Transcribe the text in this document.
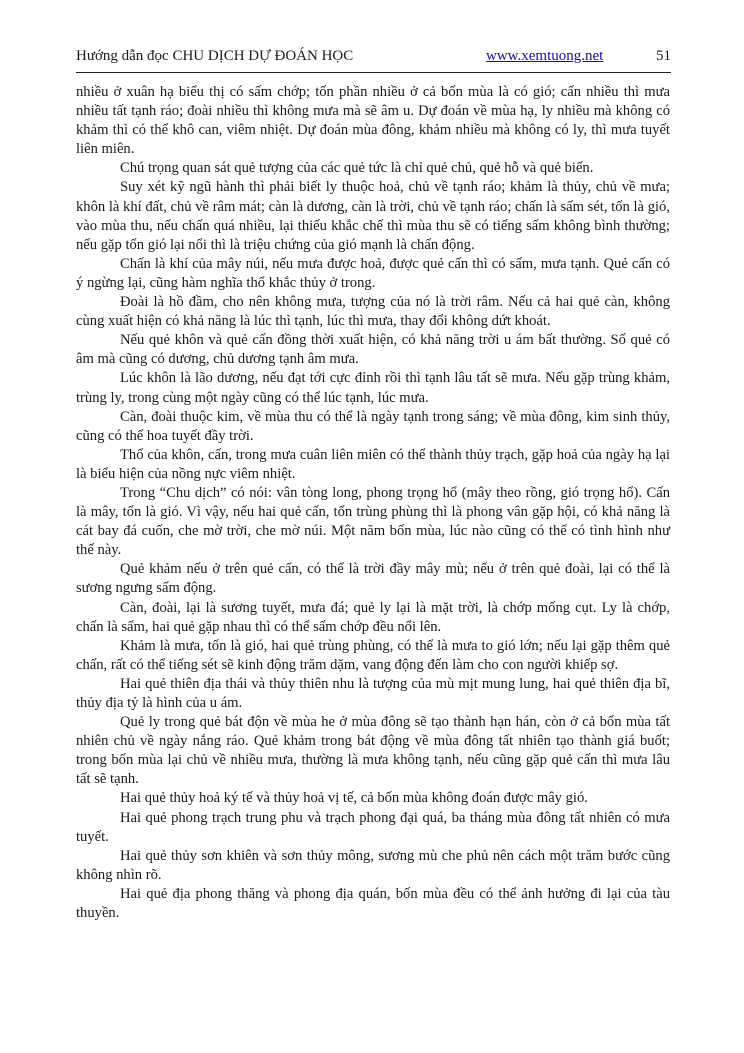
Hướng dẫn đọc CHU DỊCH DỰ ĐOÁN HỌC	www.xemtuong.net	51

nhiều ở xuân hạ biểu thị có sấm chớp; tốn phần nhiều ở cả bốn mùa là có gió; cấn nhiều thì mưa nhiều tất tạnh ráo; đoài nhiều thì không mưa mà sẽ âm u. Dự đoán về mùa hạ, ly nhiều mà không có khảm thì có thể khô can, viêm nhiệt. Dự đoán mùa đông, khảm nhiều mà không có ly, thì mưa tuyết liên miên.

Chú trọng quan sát quẻ tượng của các quẻ tức là chỉ quẻ chủ, quẻ hỗ và quẻ biến.

Suy xét kỹ ngũ hành thì phải biết ly thuộc hoả, chủ về tạnh ráo; khảm là thủy, chủ về mưa; khôn là khí đất, chủ về râm mát; càn là dương, càn là trời, chủ về tạnh ráo; chấn là sấm sét, tốn là gió, vào mùa thu, nếu chấn quá nhiều, lại thiếu khắc chế thì mùa thu sẽ có tiếng sấm không bình thường; nếu gặp tốn gió lại nổi thì là triệu chứng của gió mạnh là chấn động.

Chấn là khí của mây núi, nếu mưa được hoả, được quẻ cấn thì có sấm, mưa tạnh. Quẻ cấn có ý ngừng lại, cũng hàm nghĩa thổ khắc thủy ở trong.

Đoài là hồ đầm, cho nên không mưa, tượng của nó là trời râm. Nếu cả hai quẻ càn, không cùng xuất hiện có khả năng là lúc thì tạnh, lúc thì mưa, thay đổi không dứt khoát.

Nếu quẻ khôn và quẻ cấn đồng thời xuất hiện, có khả năng trời u ám bất thường. Số quẻ có âm mà cũng có dương, chủ dương tạnh âm mưa.

Lúc khôn là lão dương, nếu đạt tới cực đỉnh rồi thì tạnh lâu tất sẽ mưa. Nếu gặp trùng khảm, trùng ly, trong cùng một ngày cũng có thể lúc tạnh, lúc mưa.

Càn, đoài thuộc kim, về mùa thu có thể là ngày tạnh trong sáng; về mùa đông, kim sinh thủy, cũng có thể hoa tuyết đầy trời.

Thổ của khôn, cấn, trong mưa cuân liên miên có thể thành thủy trạch, gặp hoả của ngày hạ lại là biểu hiện của nồng nực viêm nhiệt.

Trong “Chu dịch” có nói: vân tòng long, phong trọng hổ (mây theo rồng, gió trọng hổ). Cấn là mây, tốn là gió. Vì vậy, nếu hai quẻ cấn, tốn trùng phùng thì là phong vân gặp hội, có khả năng là cát bay đá cuốn, che mờ trời, che mờ núi. Một năm bốn mùa, lúc nào cũng có thể có tình hình như thế này.

Quẻ khảm nếu ở trên quẻ cấn, có thể là trời đầy mây mù; nếu ở trên quẻ đoài, lại có thể là sương ngưng sấm động.

Càn, đoài, lại là sương tuyết, mưa đá; quẻ ly lại là mặt trời, là chớp mống cụt. Ly là chớp, chấn là sấm, hai quẻ gặp nhau thì có thể sấm chớp đều nổi lên.

Khảm là mưa, tốn là gió, hai quẻ trùng phùng, có thể là mưa to gió lớn; nếu lại gặp thêm quẻ chấn, rất có thể tiếng sét sẽ kinh động trăm dặm, vang động đến làm cho con người khiếp sợ.

Hai quẻ thiên địa thái và thủy thiên nhu là tượng của mù mịt mung lung, hai quẻ thiên địa bĩ, thủy địa tỷ là hình của u ám.

Quẻ ly trong quẻ bát độn về mùa he ở mùa đông sẽ tạo thành hạn hán, còn ở cả bốn mùa tất nhiên chủ về ngày nắng ráo. Quẻ khảm trong bát động về mùa đông tất nhiên tạo thành giá buốt; trong bốn mùa lại chủ về nhiều mưa, thường là mưa không tạnh, nếu cũng gặp quẻ cấn thì mưa lâu tất sẽ tạnh.

Hai quẻ thủy hoả ký tế và thủy hoả vị tế, cả bốn mùa không đoán được mây gió.

Hai quẻ phong trạch trung phu và trạch phong đại quá, ba tháng mùa đông tất nhiên có mưa tuyết.

Hai quẻ thủy sơn khiên và sơn thủy mông, sương mù che phủ nên cách một trăm bước cũng không nhìn rõ.

Hai quẻ địa phong thăng và phong địa quán, bốn mùa đều có thể ảnh hưởng đi lại của tàu thuyền.
